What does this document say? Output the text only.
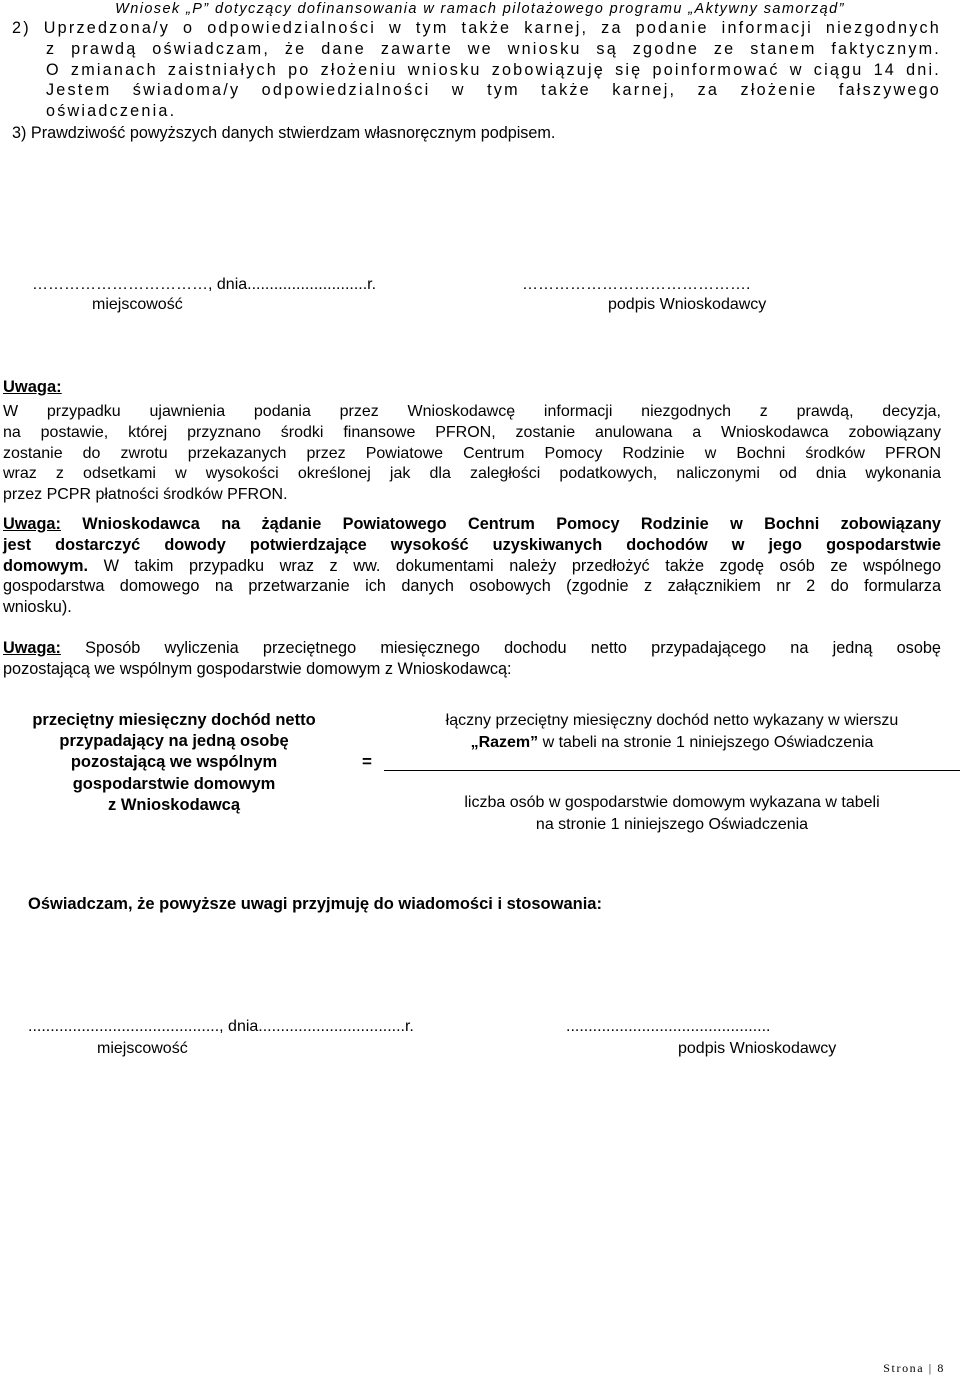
Wniosek „P” dotyczący dofinansowania w ramach pilotażowego programu „Aktywny samorząd”
2) Uprzedzona/y o odpowiedzialności w tym także karnej, za podanie informacji niezgodnych
z prawdą oświadczam, że dane zawarte we wniosku są zgodne ze stanem faktycznym.
O zmianach zaistniałych po złożeniu wniosku zobowiązuję się poinformować w ciągu 14 dni.
Jestem świadoma/y odpowiedzialności w tym także karnej, za złożenie fałszywego
oświadczenia.
3) Prawdziwość powyższych danych stwierdzam własnoręcznym podpisem.
……………………………, dnia...........................r.	…………………………………….
miejscowość	podpis Wnioskodawcy
Uwaga:
W przypadku ujawnienia podania przez Wnioskodawcę informacji niezgodnych z prawdą, decyzja,
na postawie, której przyznano środki finansowe PFRON, zostanie anulowana a Wnioskodawca zobowiązany
zostanie do zwrotu przekazanych przez Powiatowe Centrum Pomocy Rodzinie w Bochni środków PFRON
wraz z odsetkami w wysokości określonej jak dla zaległości podatkowych, naliczonymi od dnia wykonania
przez PCPR płatności środków PFRON.
Uwaga: Wnioskodawca na żądanie Powiatowego Centrum Pomocy Rodzinie w Bochni zobowiązany
jest dostarczyć dowody potwierdzające wysokość uzyskiwanych dochodów w jego gospodarstwie
domowym. W takim przypadku wraz z ww. dokumentami należy przedłożyć także zgodę osób ze wspólnego
gospodarstwa domowego na przetwarzanie ich danych osobowych (zgodnie z załącznikiem nr 2 do formularza
wniosku).
Uwaga: Sposób wyliczenia przeciętnego miesięcznego dochodu netto przypadającego na jedną osobę
pozostającą we wspólnym gospodarstwie domowym z Wnioskodawcą:
przeciętny miesięczny dochód netto
przypadający na jedną osobę
pozostającą we wspólnym
gospodarstwie domowym
z Wnioskodawcą
=
łączny przeciętny miesięczny dochód netto wykazany w wierszu
„Razem” w tabeli na stronie 1 niniejszego Oświadczenia
liczba osób w gospodarstwie domowym wykazana w tabeli
na stronie 1 niniejszego Oświadczenia
Oświadczam, że powyższe uwagi przyjmuję do wiadomości i stosowania:
..........................................., dnia.................................r.	..............................................
miejscowość	podpis Wnioskodawcy
Strona | 8
